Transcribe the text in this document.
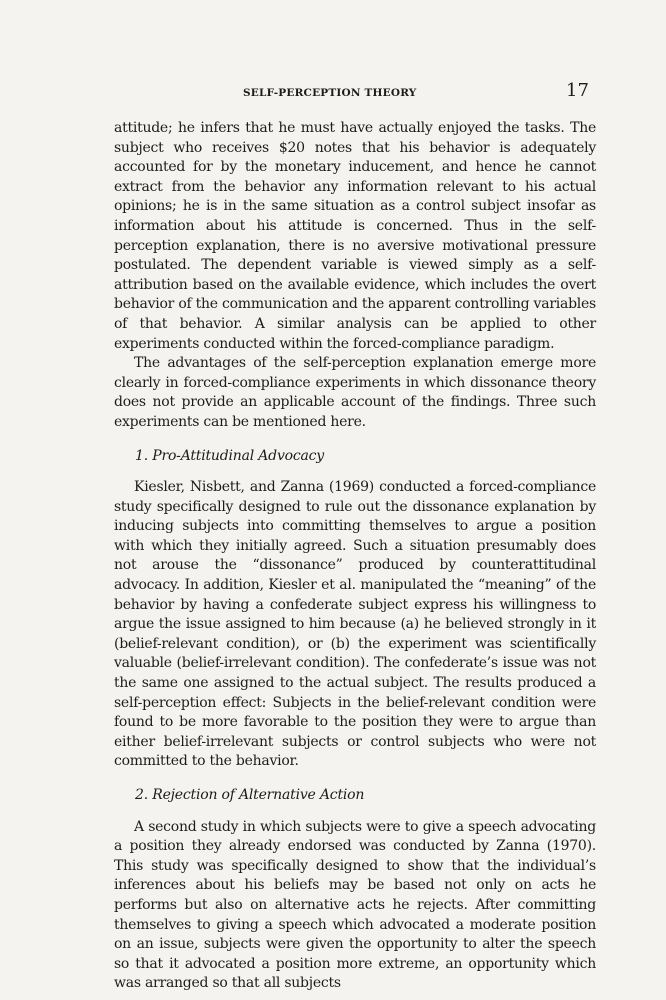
SELF-PERCEPTION THEORY	17

attitude; he infers that he must have actually enjoyed the tasks. The subject who receives $20 notes that his behavior is adequately accounted for by the monetary inducement, and hence he cannot extract from the behavior any information relevant to his actual opinions; he is in the same situation as a control subject insofar as information about his attitude is concerned. Thus in the self-perception explanation, there is no aversive motivational pressure postulated. The dependent variable is viewed simply as a self-attribution based on the available evidence, which includes the overt behavior of the communication and the apparent controlling variables of that behavior. A similar analysis can be applied to other experiments conducted within the forced-compliance paradigm.

The advantages of the self-perception explanation emerge more clearly in forced-compliance experiments in which dissonance theory does not provide an applicable account of the findings. Three such experiments can be mentioned here.

1. Pro-Attitudinal Advocacy

Kiesler, Nisbett, and Zanna (1969) conducted a forced-compliance study specifically designed to rule out the dissonance explanation by inducing subjects into committing themselves to argue a position with which they initially agreed. Such a situation presumably does not arouse the “dissonance” produced by counterattitudinal advocacy. In addition, Kiesler et al. manipulated the “meaning” of the behavior by having a confederate subject express his willingness to argue the issue assigned to him because (a) he believed strongly in it (belief-relevant condition), or (b) the experiment was scientifically valuable (belief-irrelevant condition). The confederate’s issue was not the same one assigned to the actual subject. The results produced a self-perception effect: Subjects in the belief-relevant condition were found to be more favorable to the position they were to argue than either belief-irrelevant subjects or control subjects who were not committed to the behavior.

2. Rejection of Alternative Action

A second study in which subjects were to give a speech advocating a position they already endorsed was conducted by Zanna (1970). This study was specifically designed to show that the individual’s inferences about his beliefs may be based not only on acts he performs but also on alternative acts he rejects. After committing themselves to giving a speech which advocated a moderate position on an issue, subjects were given the opportunity to alter the speech so that it advocated a position more extreme, an opportunity which was arranged so that all subjects
